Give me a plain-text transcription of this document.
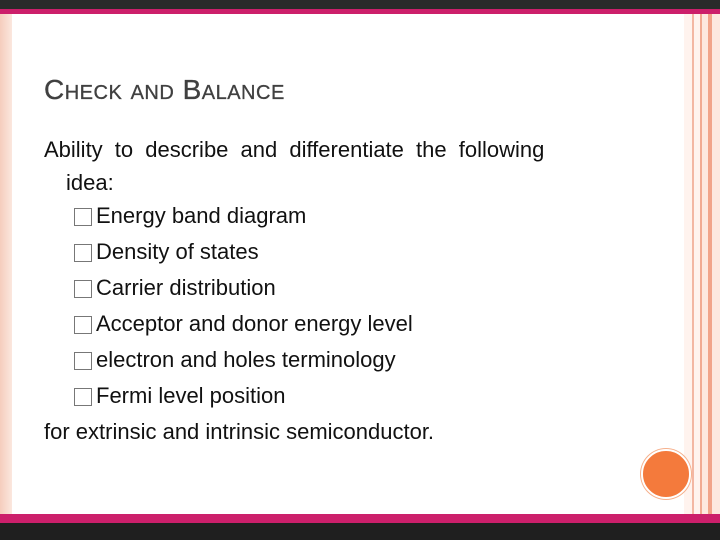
Check and Balance

Ability to describe and differentiate the following

idea:

Energy band diagram
Density of states
Carrier distribution
Acceptor and donor energy level
electron and holes terminology
Fermi level position

for extrinsic and intrinsic semiconductor.
